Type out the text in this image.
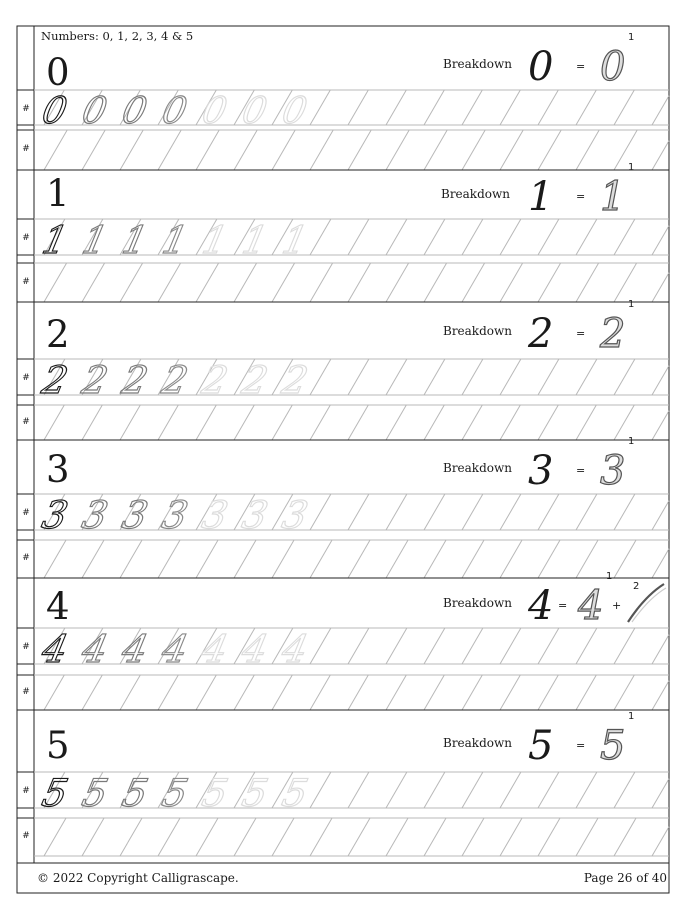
0 0 0 0 0 0 0
0 = 0
1
1 1 1 1 1 1 1
1 = 1
1
2 2 2 2 2 2 2
2 = 2
1
3 3 3 3 3 3 3
3 = 3
1
4 4 4 4 4 4 4
4 = 4
1
+
2
5 5 5 5 5 5 5
5 = 5
1
Numbers: 0, 1, 2, 3, 4 & 5
© 2022 Copyright Calligrascape.	Page 26 of 40
#
#
0	Breakdown
#
#
1	Breakdown
#
#
2	Breakdown
#
#
3	Breakdown
#
#
4	Breakdown
#
#
5	Breakdown
